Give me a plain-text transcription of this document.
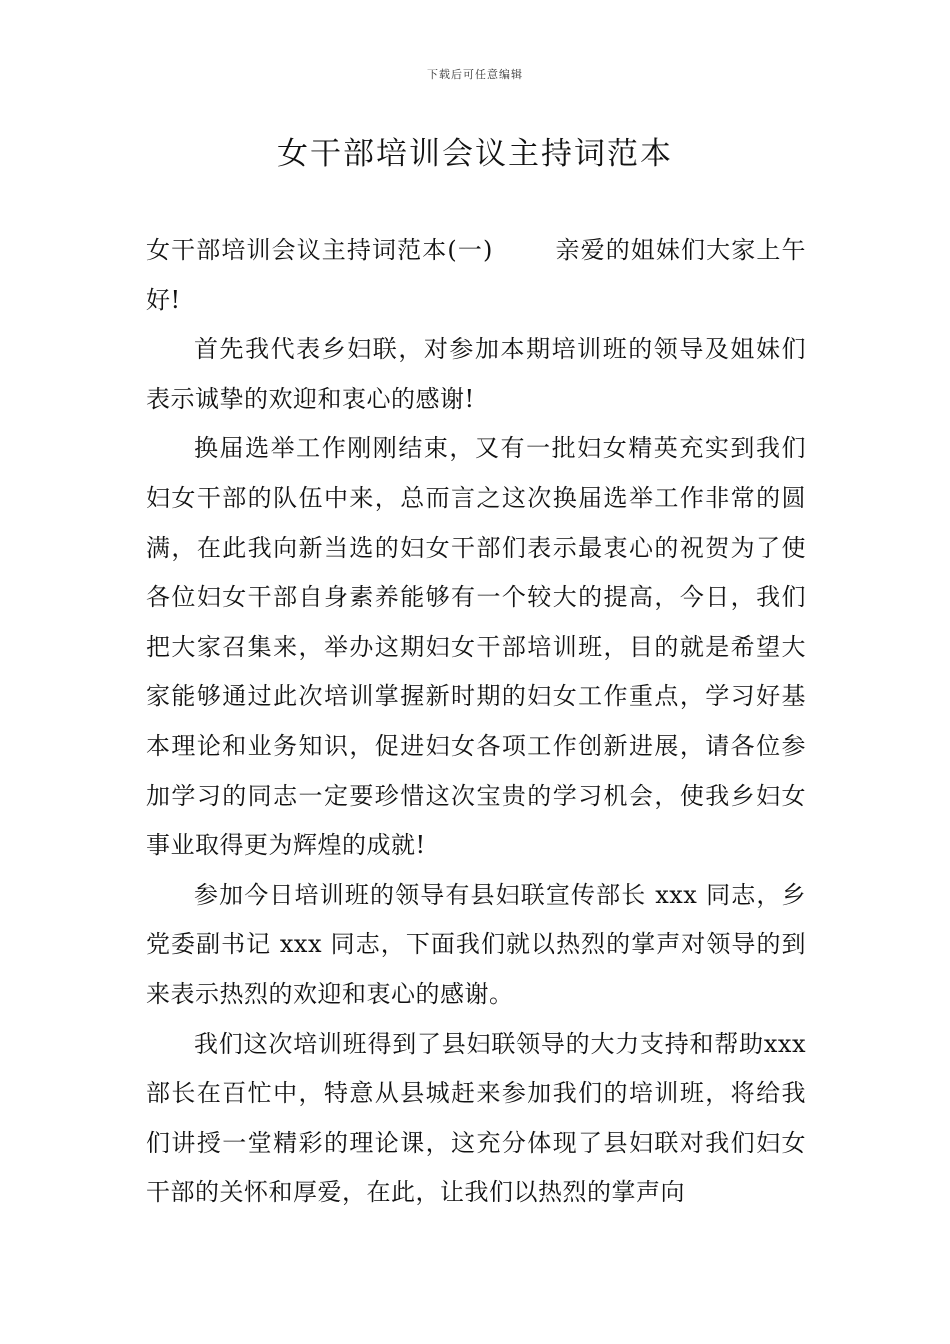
下载后可任意编辑
女干部培训会议主持词范本

女干部培训会议主持词范本(一)	亲爱的姐妹们大家上午好!

首先我代表乡妇联，对参加本期培训班的领导及姐妹们表示诚挚的欢迎和衷心的感谢!

换届选举工作刚刚结束，又有一批妇女精英充实到我们妇女干部的队伍中来，总而言之这次换届选举工作非常的圆满，在此我向新当选的妇女干部们表示最衷心的祝贺为了使各位妇女干部自身素养能够有一个较大的提高，今日，我们把大家召集来，举办这期妇女干部培训班，目的就是希望大家能够通过此次培训掌握新时期的妇女工作重点，学习好基本理论和业务知识，促进妇女各项工作创新进展，请各位参加学习的同志一定要珍惜这次宝贵的学习机会，使我乡妇女事业取得更为辉煌的成就!

参加今日培训班的领导有县妇联宣传部长 xxx 同志，乡党委副书记 xxx 同志，下面我们就以热烈的掌声对领导的到来表示热烈的欢迎和衷心的感谢。

我们这次培训班得到了县妇联领导的大力支持和帮助xxx 部长在百忙中，特意从县城赶来参加我们的培训班，将给我们讲授一堂精彩的理论课，这充分体现了县妇联对我们妇女干部的关怀和厚爱，在此，让我们以热烈的掌声向
